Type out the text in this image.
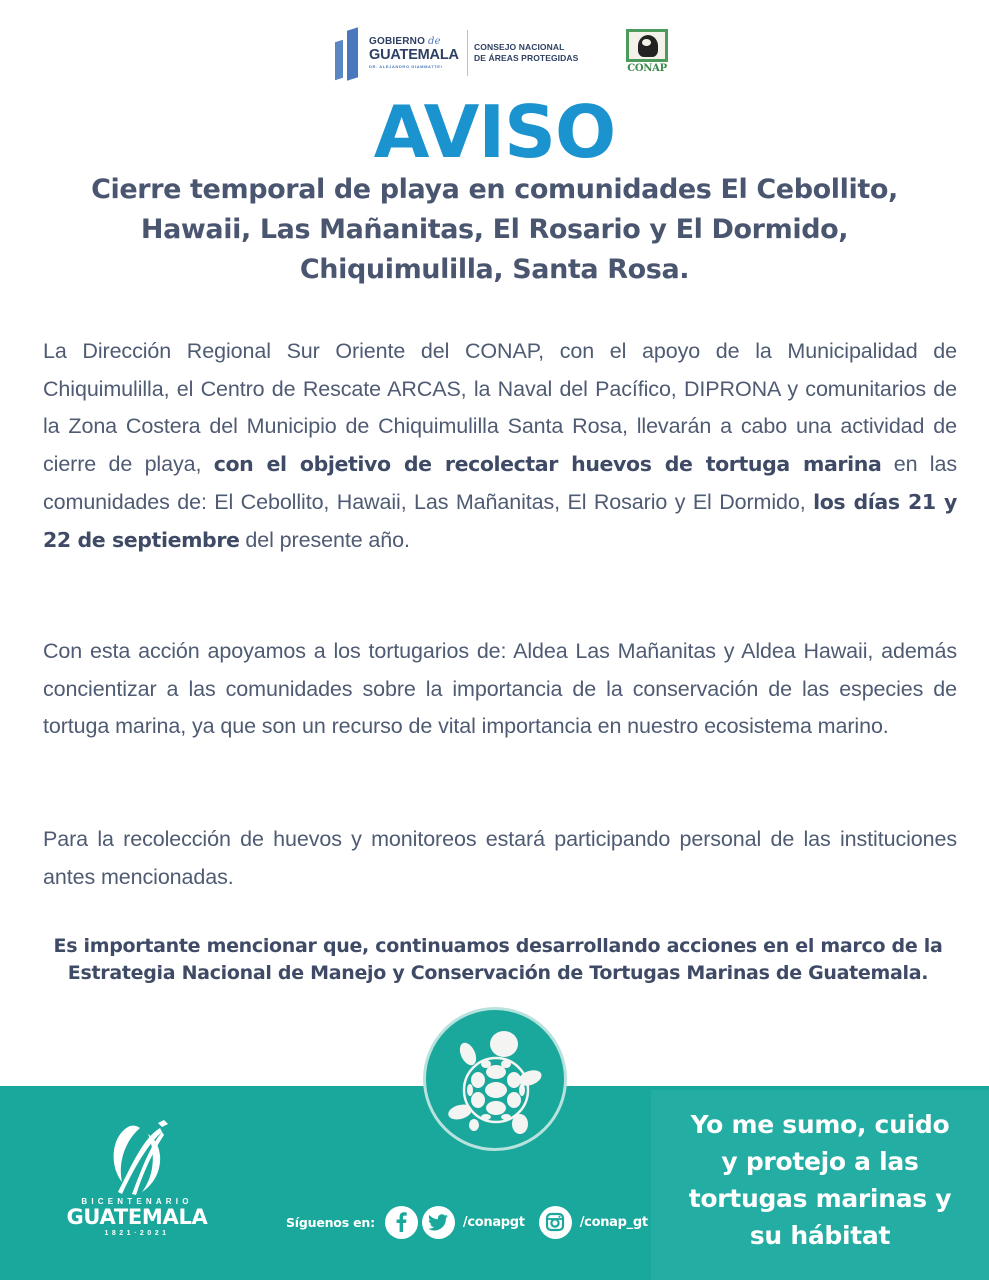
GOBIERNO de
GUATEMALA
DR. ALEJANDRO GIAMMATTEI
CONSEJO NACIONAL
DE ÁREAS PROTEGIDAS
CONAP
AVISO
Cierre temporal de playa en comunidades El Cebollito,
Hawaii, Las Mañanitas, El Rosario y El Dormido,
Chiquimulilla, Santa Rosa.

La Dirección Regional Sur Oriente del CONAP, con el apoyo de la Municipalidad de Chiquimulilla, el Centro de Rescate ARCAS, la Naval del Pacífico, DIPRONA y comunitarios de la Zona Costera del Municipio de Chiquimulilla Santa Rosa, llevarán a cabo una actividad de cierre de playa, con el objetivo de recolectar huevos de tortuga marina en las comunidades de: El Cebollito, Hawaii, Las Mañanitas, El Rosario y El Dormido, los días 21 y 22 de septiembre del presente año.

Con esta acción apoyamos a los tortugarios de: Aldea Las Mañanitas y Aldea Hawaii, además concientizar a las comunidades sobre la importancia de la conservación de las especies de tortuga marina, ya que son un recurso de vital importancia en nuestro ecosistema marino.

Para la recolección de huevos y monitoreos estará participando personal de las instituciones antes mencionadas.

Es importante mencionar que, continuamos desarrollando acciones en el marco de la Estrategia Nacional de Manejo y Conservación de Tortugas Marinas de Guatemala.

Yo me sumo, cuido
y protejo a las
tortugas marinas y
su hábitat
BICENTENARIO
GUATEMALA
1821·2021
Síguenos en:	/conapgt	/conap_gt
